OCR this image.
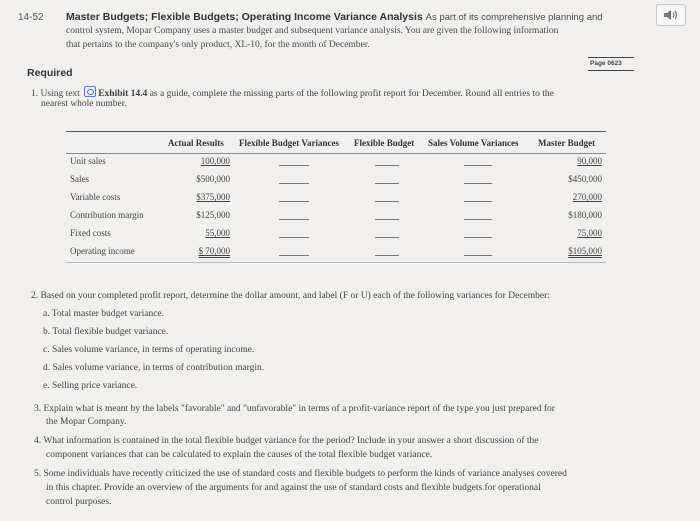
14-52 Master Budgets; Flexible Budgets; Operating Income Variance Analysis As part of its comprehensive planning and
control system, Mopar Company uses a master budget and subsequent variance analysis. You are given the following information
that pertains to the company's only product, XL-10, for the month of December.
Page 0623
Required
1. Using text Exhibit 14.4 as a guide, complete the missing parts of the following profit report for December. Round all entries to the
nearest whole number.
Actual Results Flexible Budget Variances Flexible Budget Sales Volume Variances Master Budget
Unit sales
Sales
Variable costs
Contribution margin
Fixed costs
Operating income
100,000
$500,000
$375,000
$125,000
55,000
$ 70,000
90,000
$450,000
270,000
$180,000
75,000
$105,000
2. Based on your completed profit report, determine the dollar amount, and label (F or U) each of the following variances for December:
a. Total master budget variance.
b. Total flexible budget variance.
c. Sales volume variance, in terms of operating income.
d. Sales volume variance, in terms of contribution margin.
e. Selling price variance.
3. Explain what is meant by the labels "favorable" and "unfavorable" in terms of a profit-variance report of the type you just prepared for
the Mopar Company.
4. What information is contained in the total flexible budget variance for the period? Include in your answer a short discussion of the
component variances that can be calculated to explain the causes of the total flexible budget variance.
5. Some individuals have recently criticized the use of standard costs and flexible budgets to perform the kinds of variance analyses covered
in this chapter. Provide an overview of the arguments for and against the use of standard costs and flexible budgets for operational
control purposes.
